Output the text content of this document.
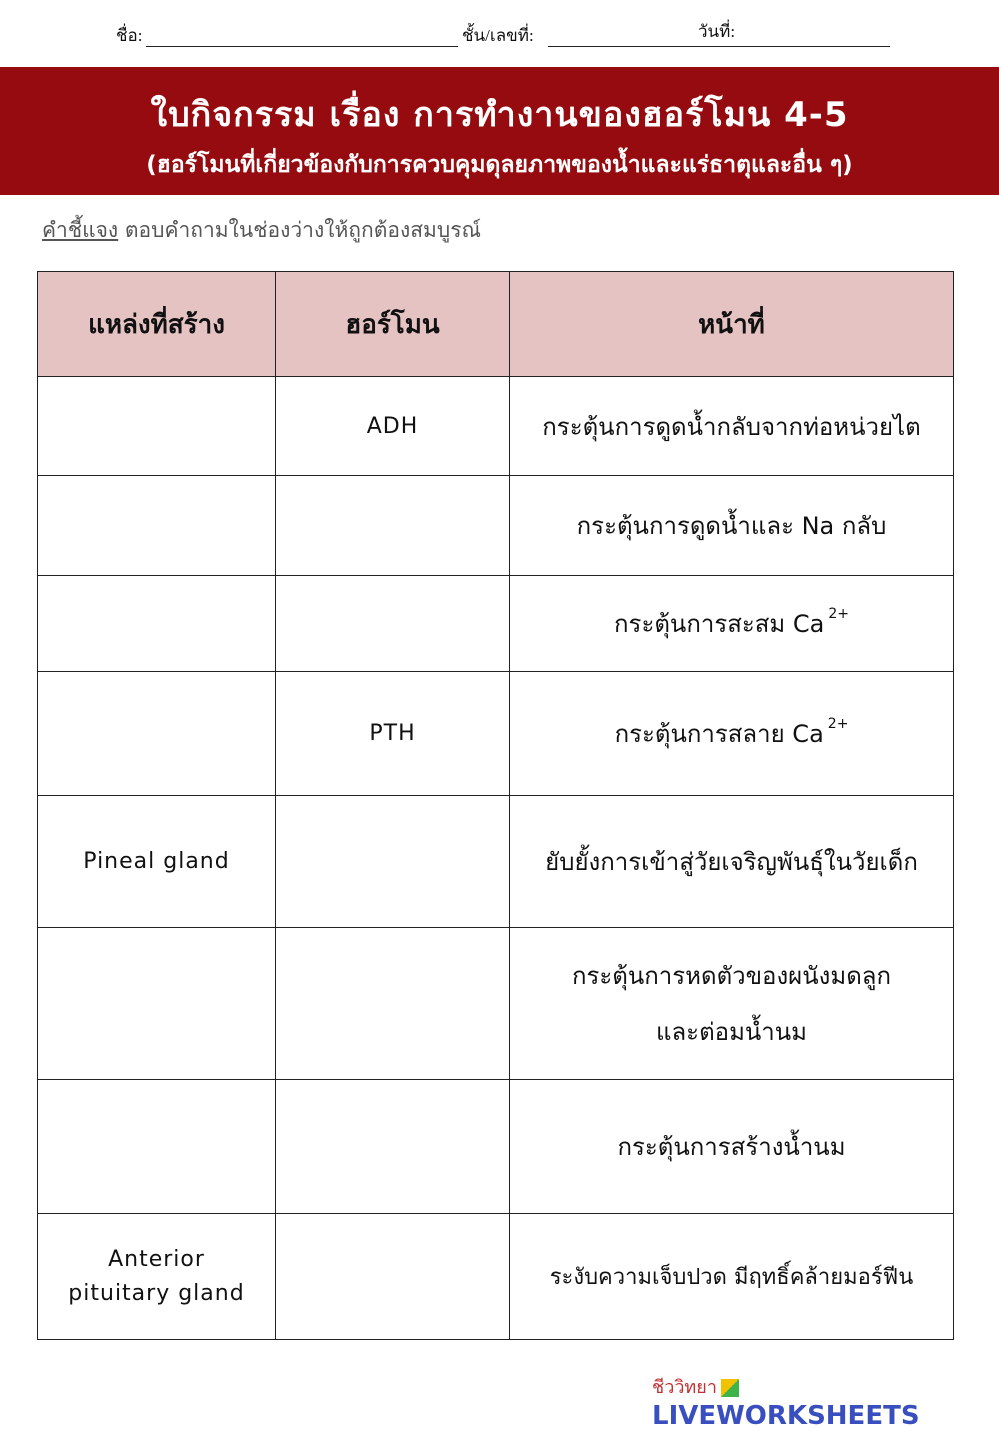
ชื่อ:	ชั้น/เลขที่:	วันที่:
ใบกิจกรรม เรื่อง การทำงานของฮอร์โมน 4-5
(ฮอร์โมนที่เกี่ยวข้องกับการควบคุมดุลยภาพของน้ำและแร่ธาตุและอื่น ๆ)
คำชี้แจง ตอบคำถามในช่องว่างให้ถูกต้องสมบูรณ์
แหล่งที่สร้าง	ฮอร์โมน	หน้าที่
	ADH	กระตุ้นการดูดน้ำกลับจากท่อหน่วยไต
		กระตุ้นการดูดน้ำและ Na กลับ
		กระตุ้นการสะสม Ca $^{2+}$
	PTH	กระตุ้นการสลาย Ca $^{2+}$
Pineal gland		ยับยั้งการเข้าสู่วัยเจริญพันธุ์ในวัยเด็ก

		กระตุ้นการหดตัวของผนังมดลูก
และต่อมน้ำนม

		กระตุ้นการสร้างน้ำนม

Anterior
pituitary gland		ระงับความเจ็บปวด มีฤทธิ์คล้ายมอร์ฟีน
ชีววิทยาLIVEWORKSHEETS
